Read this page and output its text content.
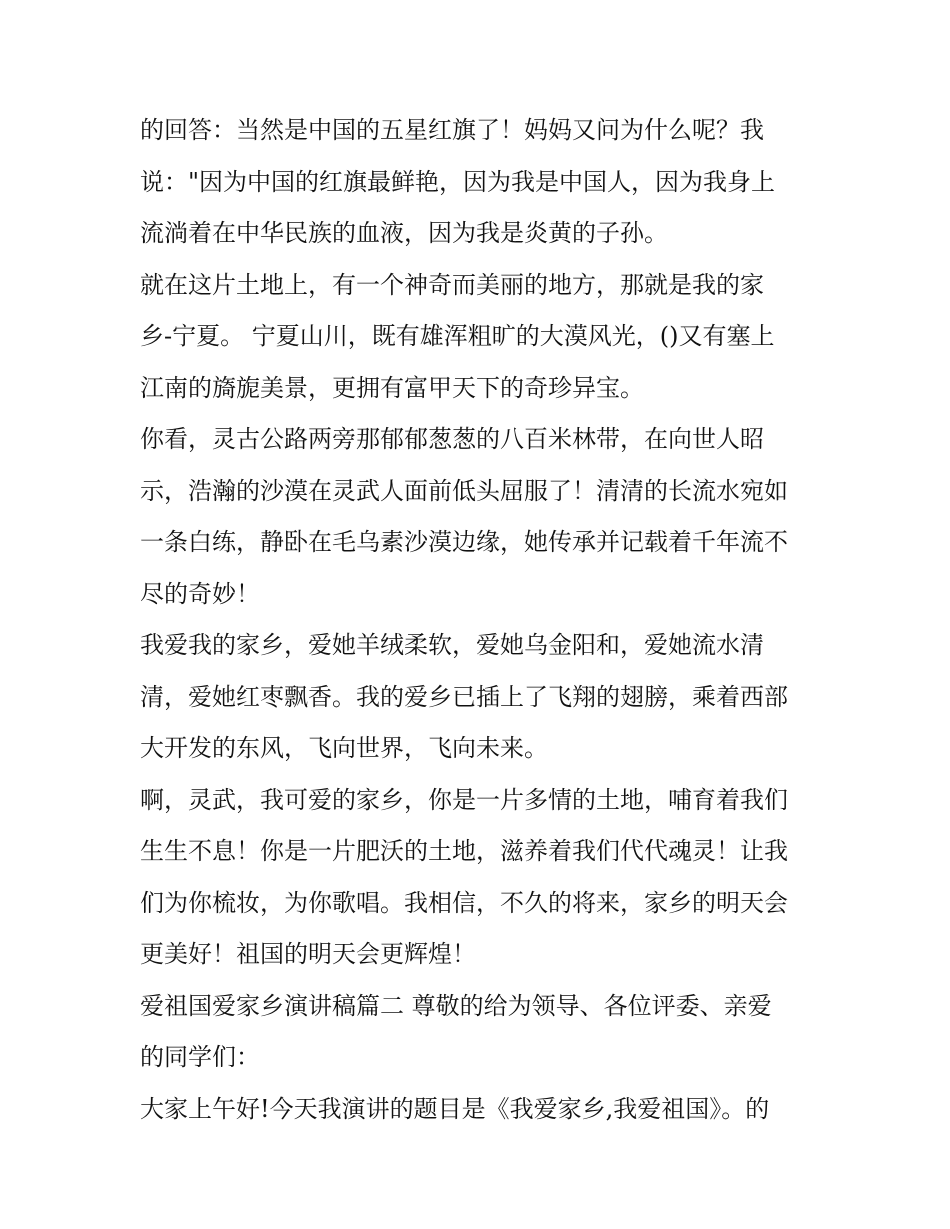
的回答：当然是中国的五星红旗了！妈妈又问为什么呢？我
说："因为中国的红旗最鲜艳，因为我是中国人，因为我身上
流淌着在中华民族的血液，因为我是炎黄的子孙。
就在这片土地上，有一个神奇而美丽的地方，那就是我的家
乡-宁夏。 宁夏山川，既有雄浑粗旷的大漠风光，()又有塞上
江南的旖旎美景，更拥有富甲天下的奇珍异宝。
你看，灵古公路两旁那郁郁葱葱的八百米林带，在向世人昭
示，浩瀚的沙漠在灵武人面前低头屈服了！清清的长流水宛如
一条白练，静卧在毛乌素沙漠边缘，她传承并记载着千年流不
尽的奇妙！
我爱我的家乡，爱她羊绒柔软，爱她乌金阳和，爱她流水清
清，爱她红枣飘香。我的爱乡已插上了飞翔的翅膀，乘着西部
大开发的东风，飞向世界，飞向未来。
啊，灵武，我可爱的家乡，你是一片多情的土地，哺育着我们
生生不息！你是一片肥沃的土地，滋养着我们代代魂灵！让我
们为你梳妆，为你歌唱。我相信，不久的将来，家乡的明天会
更美好！祖国的明天会更辉煌！
爱祖国爱家乡演讲稿篇二 尊敬的给为领导、各位评委、亲爱
的同学们：
大家上午好!今天我演讲的题目是《我爱家乡,我爱祖国》。的
